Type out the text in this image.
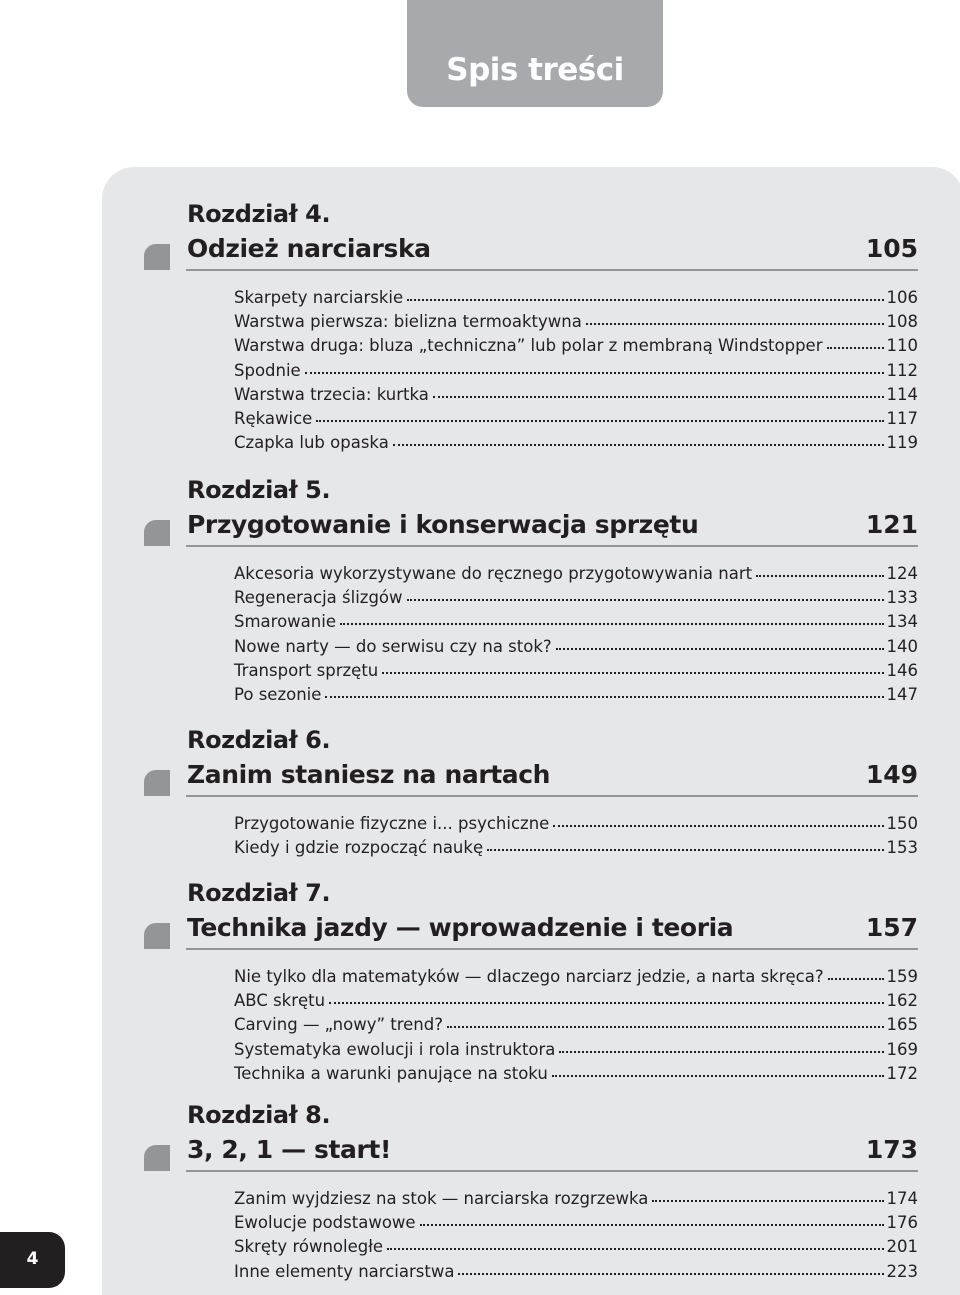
Spis treści
Rozdział 4.
Odzież narciarska	105
Skarpety narciarskie	106
Warstwa pierwsza: bielizna termoaktywna	108
Warstwa druga: bluza „techniczna” lub polar z membraną Windstopper	110
Spodnie	112
Warstwa trzecia: kurtka	114
Rękawice	117
Czapka lub opaska	119
Rozdział 5.
Przygotowanie i konserwacja sprzętu	121
Akcesoria wykorzystywane do ręcznego przygotowywania nart	124
Regeneracja ślizgów	133
Smarowanie	134
Nowe narty — do serwisu czy na stok?	140
Transport sprzętu	146
Po sezonie	147
Rozdział 6.
Zanim staniesz na nartach	149
Przygotowanie fizyczne i... psychiczne	150
Kiedy i gdzie rozpocząć naukę	153
Rozdział 7.
Technika jazdy — wprowadzenie i teoria	157
Nie tylko dla matematyków — dlaczego narciarz jedzie, a narta skręca?	159
ABC skrętu	162
Carving — „nowy” trend?	165
Systematyka ewolucji i rola instruktora	169
Technika a warunki panujące na stoku	172
Rozdział 8.
3, 2, 1 — start!	173
Zanim wyjdziesz na stok — narciarska rozgrzewka	174
Ewolucje podstawowe	176
Skręty równoległe	201
Inne elementy narciarstwa	223
4
